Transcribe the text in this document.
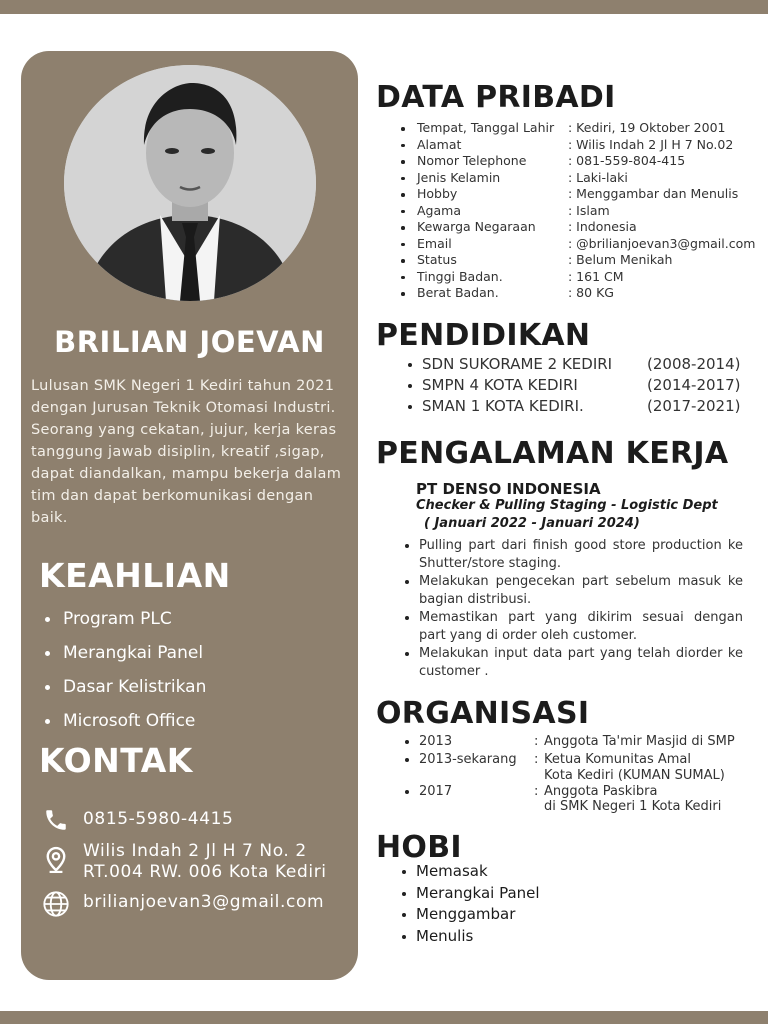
BRILIAN JOEVAN
Lulusan SMK Negeri 1 Kediri tahun 2021 dengan Jurusan Teknik Otomasi Industri. Seorang yang cekatan, jujur, kerja keras tanggung jawab disiplin, kreatif ,sigap, dapat diandalkan, mampu bekerja dalam tim dan dapat berkomunikasi dengan baik.
KEAHLIAN
Program PLC
Merangkai Panel
Dasar Kelistrikan
Microsoft Office
KONTAK
0815-5980-4415
Wilis Indah 2 Jl H 7 No. 2
RT.004 RW. 006 Kota Kediri
brilianjoevan3@gmail.com
DATA PRIBADI
Tempat, Tanggal Lahir : Kediri, 19 Oktober 2001
Alamat	: Wilis Indah 2 Jl H 7 No.02
Nomor Telephone	: 081-559-804-415
Jenis Kelamin	: Laki-laki
Hobby	: Menggambar dan Menulis
Agama	: Islam
Kewarga Negaraan	: Indonesia
Email	: @brilianjoevan3@gmail.com
Status	: Belum Menikah
Tinggi Badan.	: 161 CM
Berat Badan.	: 80 KG
PENDIDIKAN
SDN SUKORAME 2 KEDIRI (2008-2014)
SMPN 4 KOTA KEDIRI	(2014-2017)
SMAN 1 KOTA KEDIRI.	(2017-2021)
PENGALAMAN KERJA
PT DENSO INDONESIA
Checker & Pulling Staging - Logistic Dept
( Januari 2022 - Januari 2024)
Pulling part dari finish good store production ke Shutter/store staging.
Melakukan pengecekan part sebelum masuk ke bagian distribusi.
Memastikan part yang dikirim sesuai dengan part yang di order oleh customer.
Melakukan input data part yang telah diorder ke customer .
ORGANISASI
2013	: Anggota Ta'mir Masjid di SMP
2013-sekarang : Ketua Komunitas Amal
Kota Kediri (KUMAN SUMAL)
2017	: Anggota Paskibra
di SMK Negeri 1 Kota Kediri
HOBI
Memasak
Merangkai Panel
Menggambar
Menulis
